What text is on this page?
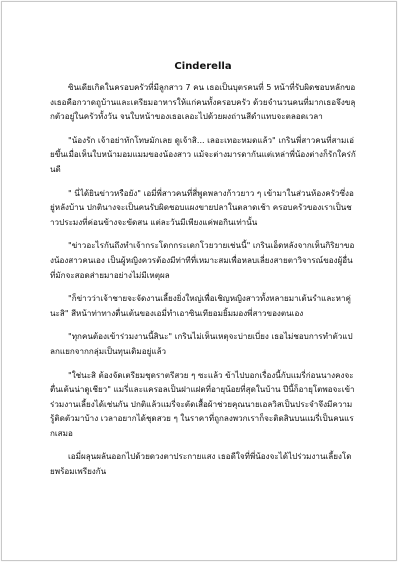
Cinderella

ซินเดียเกิดในครอบครัวที่มีลูกสาว 7 คน เธอเป็นบุตรคนที่ 5 หน้าที่รับผิดชอบหลักของเธอคือกวาดถูบ้านและเตรียมอาหารให้แก่คนทั้งครอบครัว ด้วยจำนวนคนที่มากเธอจึงขลุกตัวอยู่ในครัวทั้งวัน จนใบหน้าของเธอเลอะไปด้วยผงถ่านสีดำแทบจะตลอดเวลา

"น้องรัก เจ้าอย่าทักโทษมักเลย ดูเจ้าสิ... เลอะเทอะหมดแล้ว" เกรินพี่สาวคนที่สามเอ่ยขึ้นเมื่อเห็นใบหน้ามอมแมมของน้องสาว แม้จะต่างมารดากันแต่เหล่าพี่น้องต่างก็รักใคร่กันดี

" นี่ได้ยินข่าวหรือยัง" เอมี่พี่สาวคนที่สี่พูดพลางก้าวยาว ๆ เข้ามาในส่วนห้องครัวซึ่งอยู่หลังบ้าน ปกตินางจะเป็นคนรับผิดชอบแผงขายปลาในตลาดเช้า ครอบครัวของเราเป็นชาวประมงที่ค่อนข้างจะขัดสน แต่ละวันมีเพียงแค่พอกินเท่านั้น

"ข่าวอะไรกันถึงทำเจ้ากระโดกกระเดกโวยวายเช่นนี้" เกรินเอ็ดหลังจากเห็นกิริยาของน้องสาวคนเอง เป็นผู้หญิงควรต้องมีท่าทีที่เหมาะสมเพื่อหลบเลี่ยงสายตาวิจารณ์ของผู้อื่นที่มักจะสอดส่ายมาอย่างไม่มีเหตุผล

"ก็ข่าวว่าเจ้าชายจะจัดงานเลี้ยงยิ่งใหญ่เพื่อเชิญหญิงสาวทั้งหลายมาเต้นรำและหาคู่นะสิ" สีหน้าท่าทางตื่นเต้นของเอมี่ทำเอาซินเทียอมยิ้มมองพี่สาวของตนเอง

"ทุกคนต้องเข้าร่วมงานนี้สินะ" เกรินไม่เห็นเหตุจะบ่ายเบี่ยง เธอไม่ชอบการทำตัวแปลกแยกจากกลุ่มเป็นทุนเดิมอยู่แล้ว

"ใช่นะสิ ต้องจัดเตรียมชุดราตรีสวย ๆ ซะแล้ว ข้าไปบอกเรื่องนี้กับแมรี่ก่อนนางคงจะตื่นเต้นน่าดูเชียว" แมรี่และแครอลเป็นฝาแฝดที่อายุน้อยที่สุดในบ้าน ปีนี้ก็อายุโตพอจะเข้าร่วมงานเลี้ยงได้เช่นกัน ปกติแล้วแมรี่จะตัดเสื้อผ้าช่วยคุณนายเอลวิสเป็นประจำจึงมีความรู้ติดตัวมาบ้าง เวลาอยากได้ชุดสวย ๆ ในราคาที่ถูกลงพวกเราก็จะติดสินบนแมรี่เป็นคนแรกเสมอ

เอมี่ผลุนผลันออกไปด้วยดวงตาประกายแสง เธอดีใจที่พี่น้องจะได้ไปร่วมงานเลี้ยงโดยพร้อมเพรียงกัน
